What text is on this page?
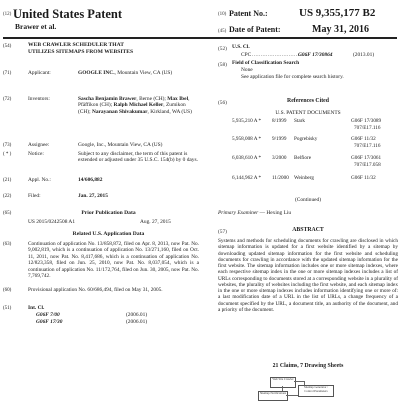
(12) United States Patent
Brawer et al.
(10) Patent No.:	US 9,355,177 B2
(45) Date of Patent:	May 31, 2016
(54)	WEB CRAWLER SCHEDULER THAT
UTILIZES SITEMAPS FROM WEBSITES
(71)	Applicant:	GOOGLE INC., Mountain View, CA (US)
(72)	Inventors:	Sascha Benjamin Brawer, Berne (CH); Max Ibel, Pfäffikon (CH); Ralph Michael Keller, Zumikon (CH); Narayanan Shivakumar, Kirkland, WA (US)
(73)	Assignee:	Google, Inc., Mountain View, CA (US)
( * )	Notice:	Subject to any disclaimer, the term of this patent is extended or adjusted under 35 U.S.C. 154(b) by 0 days.
(21)	Appl. No.:	14/606,882
(22)	Filed:	Jan. 27, 2015
(65)	Prior Publication Data
US 2015/0242508 A1	Aug. 27, 2015
Related U.S. Application Data
(63)	Continuation of application No. 13/858,872, filed on Apr. 8, 2013, now Pat. No. 9,002,819, which is a continuation of application No. 13/271,160, filed on Oct. 11, 2011, now Pat. No. 8,417,686, which is a continuation of application No. 12/823,358, filed on Jun. 25, 2010, now Pat. No. 8,037,054, which is a continuation of application No. 11/172,764, filed on Jun. 30, 2005, now Pat. No. 7,769,742.
(60)	Provisional application No. 60/686,494, filed on May 31, 2005.
(51)	Int. Cl.
G06F 7/00	(2006.01)
G06F 17/30	(2006.01)
(52) U.S. Cl.
CPC ................................
G06F 17/30864	(2013.01)
(58) Field of Classification Search
None
See application file for complete search history.
(56)	References Cited
U.S. PATENT DOCUMENTS
5,935,210 A * 8/1999 Stark	G06F 17/3089
707/E17.116
5,958,008 A * 9/1999 Pogrebisky	G06F 11/32
707/E17.116
6,038,610 A * 3/2000 Belfiore	G06F 17/3061
707/E17.058
6,144,962 A * 11/2000 Weinberg	G06F 11/32
(Continued)
Primary Examiner — Hexing Liu
(57)	ABSTRACT
Systems and methods for scheduling documents for crawling are disclosed in which sitemap information is updated for a first website identified by a sitemap by downloading updated sitemap information for the first website and scheduling documents for crawling in accordance with the updated sitemap information for the first website. The sitemap information includes one or more sitemap indexes, where each respective sitemap index in the one or more sitemap indexes includes a list of URLs corresponding to documents stored at a corresponding website in a plurality of websites, the plurality of websites including the first website, and each sitemap index in the one or more sitemap indexes includes information identifying one or more of: a last modification date of a URL in the list of URLs, a change frequency of a document specified by the URL, a document title, an authority of the document, and a priority of the document.
21 Claims, 7 Drawing Sheets
Web Site Crawler
Sitemap Generator / Control Parameters
Sitemap Notifications
